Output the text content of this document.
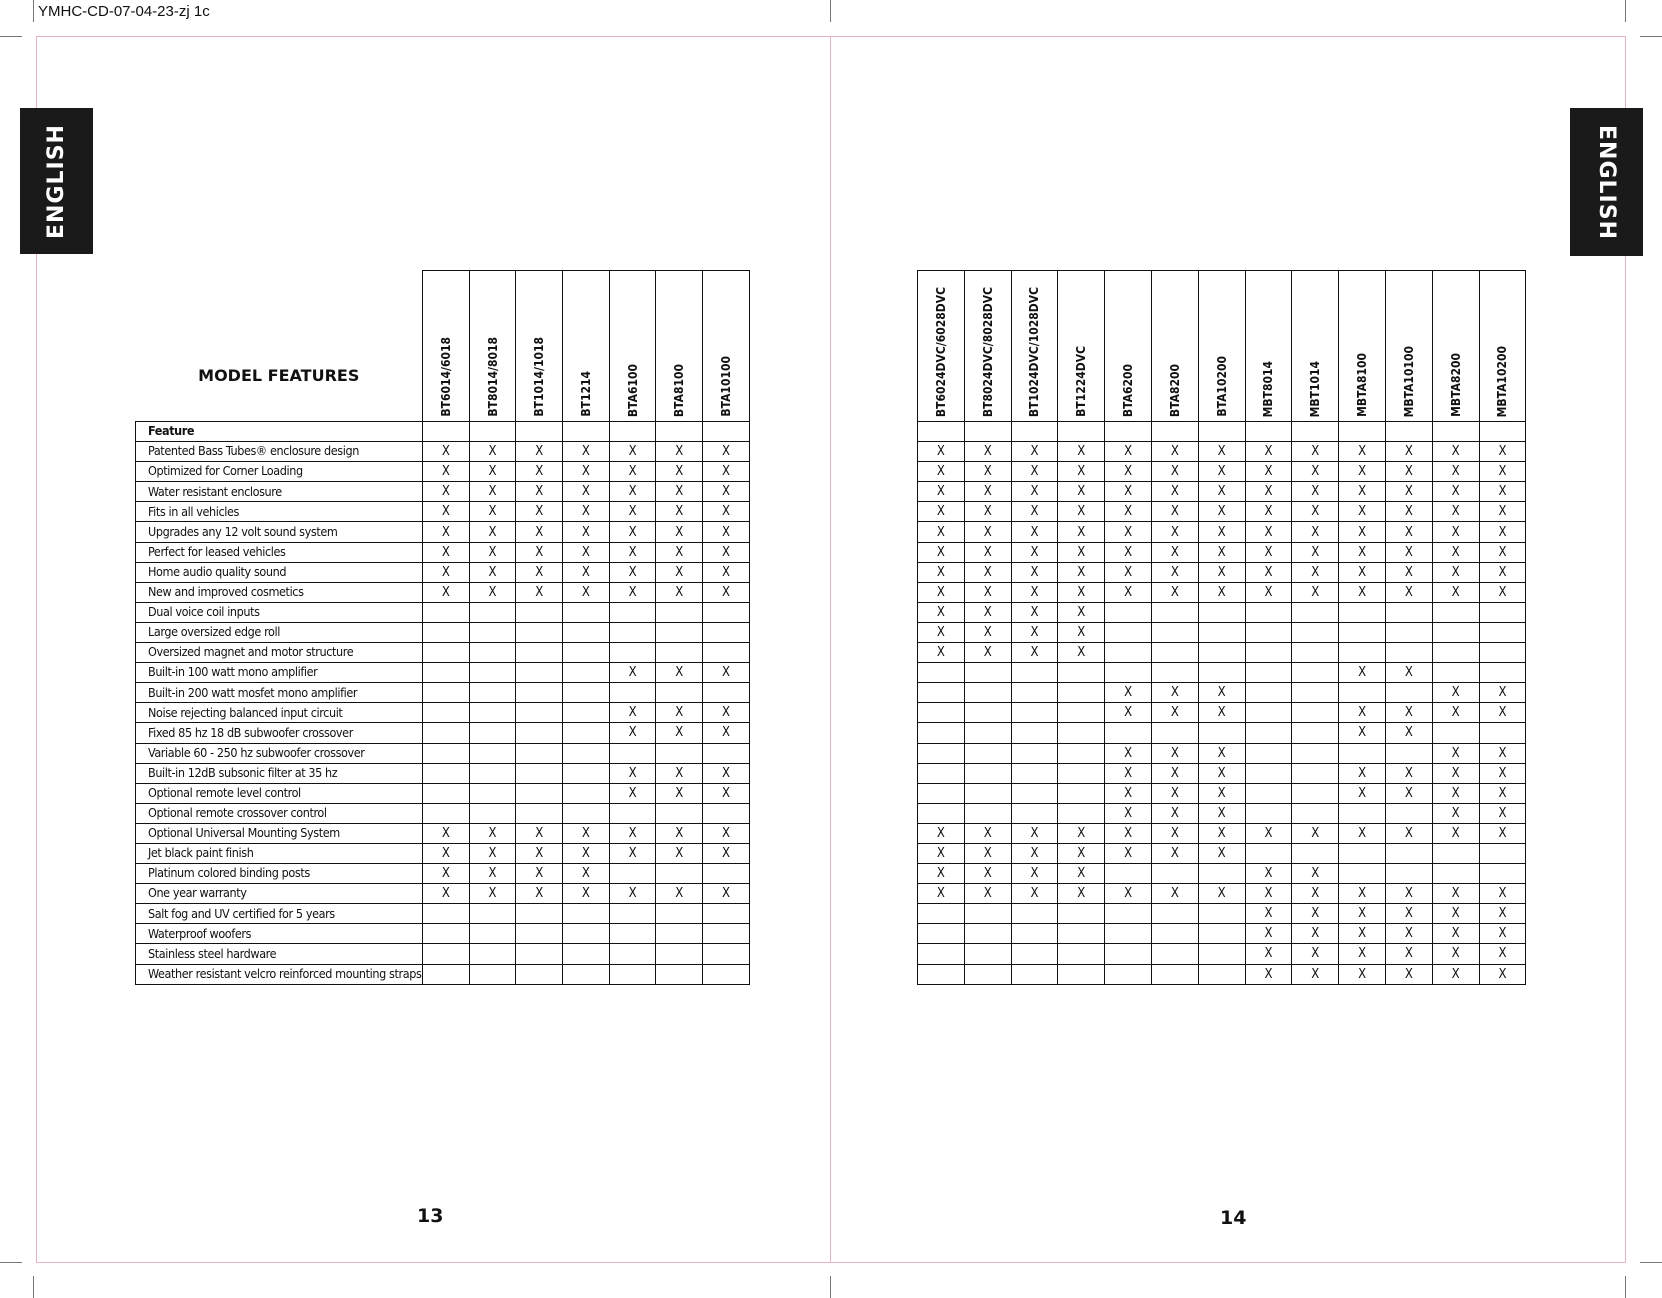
YMHC-CD-07-04-23-zj 1c
ENGLISH	ENGLISH
MODEL FEATURES	BT6014/6018	BT8014/8018	BT1014/1018	BT1214	BTA6100	BTA8100	BTA10100

Feature							
Patented Bass Tubes® enclosure design	X	X	X	X	X	X	X
Optimized for Corner Loading	X	X	X	X	X	X	X
Water resistant enclosure	X	X	X	X	X	X	X
Fits in all vehicles	X	X	X	X	X	X	X
Upgrades any 12 volt sound system	X	X	X	X	X	X	X
Perfect for leased vehicles	X	X	X	X	X	X	X
Home audio quality sound	X	X	X	X	X	X	X
New and improved cosmetics	X	X	X	X	X	X	X
Dual voice coil inputs							
Large oversized edge roll							
Oversized magnet and motor structure							
Built-in 100 watt mono amplifier					X	X	X
Built-in 200 watt mosfet mono amplifier							
Noise rejecting balanced input circuit					X	X	X
Fixed 85 hz 18 dB subwoofer crossover					X	X	X
Variable 60 - 250 hz subwoofer crossover							
Built-in 12dB subsonic filter at 35 hz					X	X	X
Optional remote level control					X	X	X
Optional remote crossover control							
Optional Universal Mounting System	X	X	X	X	X	X	X
Jet black paint finish	X	X	X	X	X	X	X
Platinum colored binding posts	X	X	X	X			
One year warranty	X	X	X	X	X	X	X
Salt fog and UV certified for 5 years							
Waterproof woofers							
Stainless steel hardware							
Weather resistant velcro reinforced mounting straps							
BT6024DVC/6028DVC	BT8024DVC/8028DVC	BT1024DVC/1028DVC	BT1224DVC	BTA6200	BTA8200	BTA10200	MBT8014	MBT1014	MBTA8100	MBTA10100	MBTA8200	MBTA10200

X	X	X	X	X	X	X	X	X	X	X	X	X
X	X	X	X	X	X	X	X	X	X	X	X	X
X	X	X	X	X	X	X	X	X	X	X	X	X
X	X	X	X	X	X	X	X	X	X	X	X	X
X	X	X	X	X	X	X	X	X	X	X	X	X
X	X	X	X	X	X	X	X	X	X	X	X	X
X	X	X	X	X	X	X	X	X	X	X	X	X
X	X	X	X	X	X	X	X	X	X	X	X	X
X	X	X	X									
X	X	X	X									
X	X	X	X									
									X	X		
				X	X	X					X	X
				X	X	X			X	X	X	X
									X	X		
				X	X	X					X	X
				X	X	X			X	X	X	X
				X	X	X			X	X	X	X
				X	X	X					X	X
X	X	X	X	X	X	X	X	X	X	X	X	X
X	X	X	X	X	X	X						
X	X	X	X				X	X				
X	X	X	X	X	X	X	X	X	X	X	X	X
							X	X	X	X	X	X
							X	X	X	X	X	X
							X	X	X	X	X	X
							X	X	X	X	X	X
13	14
